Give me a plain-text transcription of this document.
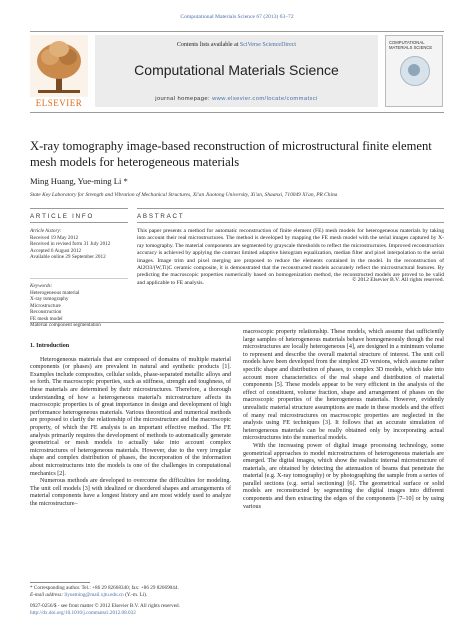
Computational Materials Science 67 (2013) 63–72
ELSEVIER
Contents lists available at SciVerse ScienceDirect
Computational Materials Science
journal homepage: www.elsevier.com/locate/commatsci
COMPUTATIONAL MATERIALS SCIENCE
X-ray tomography image-based reconstruction of microstructural finite element mesh models for heterogeneous materials
Ming Huang, Yue-ming Li *
State Key Laboratory for Strength and Vibration of Mechanical Structures, Xi'an Jiaotong University, Xi'an, Shaanxi, 710049 Xi'an, PR China
ARTICLE INFO	ABSTRACT
Article history:
Received 19 May 2012
Received in revised form 31 July 2012
Accepted 6 August 2012
Available online 29 September 2012
Keywords:
Heterogeneous material
X-ray tomography
Microstructure
Reconstruction
FE mesh model
Material component segmentation
This paper presents a method for automatic reconstruction of finite element (FE) mesh models for heterogeneous materials by taking into account their real microstructures. The method is developed by mapping the FE mesh model with the serial images captured by X-ray tomography. The material components are segmented by grayscale thresholds to reflect the microstructures. Improved reconstruction accuracy is achieved by applying the contrast limited adaptive histogram equalization, median filter and pixel interpolation to the serial images. Image trim and pixel merging are proposed to reduce the elements contained in the model. In the reconstruction of Al2O3/(W,Ti)C ceramic composite, it is demonstrated that the reconstructed models accurately reflect the microstructural features. By predicting the macroscopic properties numerically based on homogenization method, the reconstructed models are proved to be valid and applicable to FE analysis.	© 2012 Elsevier B.V. All rights reserved.

1. Introduction

Heterogeneous materials that are composed of domains of multiple material components (or phases) are prevalent in natural and synthetic products [1]. Examples include composites, cellular solids, phase-separated metallic alloys and so forth. The macroscopic properties, such as stiffness, strength and toughness, of these materials are determined by their microstructures. Therefore, a thorough understanding of how a heterogeneous material's microstructure affects its macroscopic properties is of great importance in design and development of high performance heterogeneous materials. Various theoretical and numerical methods are proposed to clarify the relationship of the microstructure and the macroscopic property, of which the FE analysis is an important effective method. The FE analysis primarily requires the development of methods to automatically generate geometrical or mesh models to actually take into account complex microstructures of heterogeneous materials. However, due to the very irregular shape and complex distribution of phases, the incorporation of the information about microstructures into the models is one of the challenges in computational mechanics [2].

Numerous methods are developed to overcome the difficulties for modeling. The unit cell models [3] with idealized or disordered shapes and arrangements of material components have a longest history and are most widely used to analyze the microstructure–

macroscopic property relationship. These models, which assume that sufficiently large samples of heterogeneous materials behave homogeneously though the real microstructures are locally heterogeneous [4], are designed in a minimum volume to represent and describe the overall material structure of interest. The unit cell models have been developed from the simplest 2D versions, which assume rather specific shape and distribution of phases, to complex 3D models, which take into account more characteristics of the real shape and distribution of material components [5]. These models appear to be very efficient in the analysis of the effect of constituent, volume fraction, shape and arrangement of phases on the macroscopic properties of the heterogeneous materials. However, evidently unrealistic material structure assumptions are made in these models and the effect of many real microstructures on macroscopic properties are neglected in the analysis using FE techniques [3]. It follows that an accurate simulation of heterogeneous materials can be really obtained only by incorporating actual microstructures into the numerical models.

With the increasing power of digital image processing technology, some geometrical approaches to model microstructures of heterogeneous materials are emerged. The digital images, which show the realistic internal microstructure of materials, are obtained by detecting the attenuation of beams that penetrate the material (e.g. X-ray tomography) or by photographing the sample from a series of parallel sections (e.g. serial sectioning) [6]. The geometrical surface or solid models are reconstructed by segmenting the digital images into different components and then extracting the edges of the components [7–10] or by using various

* Corresponding author. Tel.: +86 29 82668340; fax: +86 29 82669044.
E-mail address: liyueming@mail.xjtu.edu.cn (Y.-m. Li).
0927-0256/$ - see front matter © 2012 Elsevier B.V. All rights reserved.
http://dx.doi.org/10.1016/j.commatsci.2012.08.032
